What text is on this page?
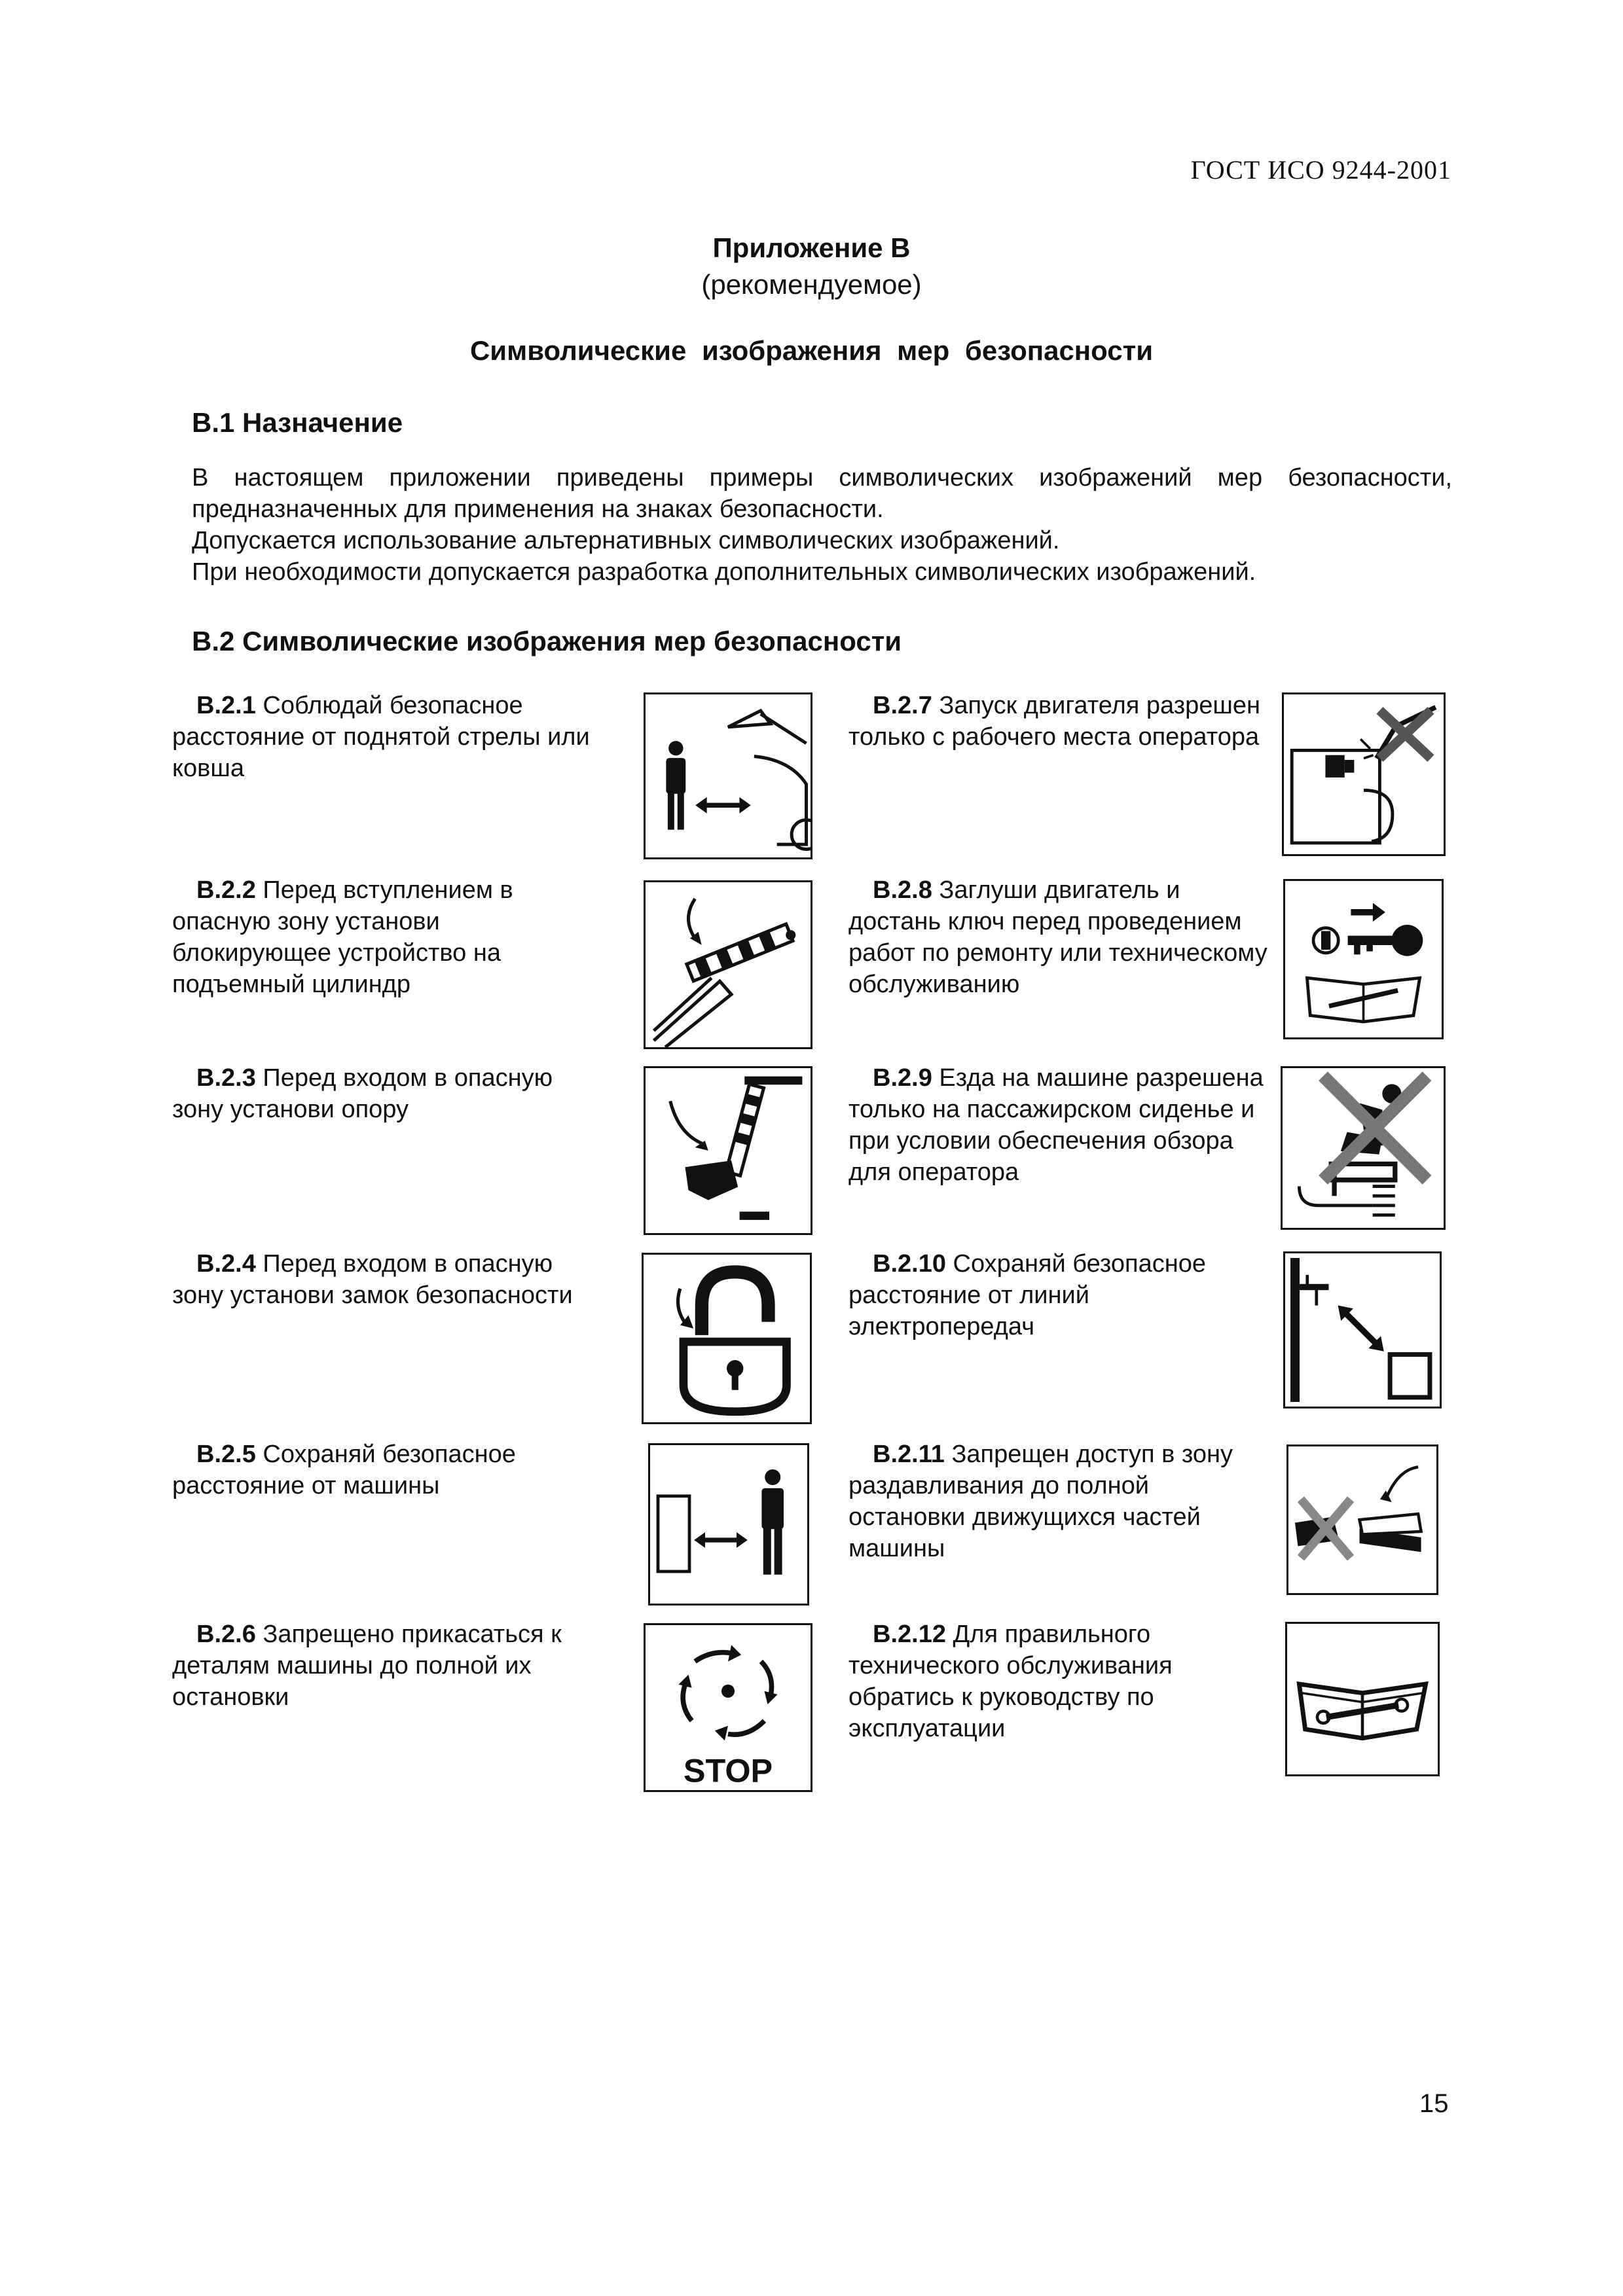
ГОСТ ИСО 9244-2001
Приложение В
(рекомендуемое)
Символические изображения мер безопасности
В.1 Назначение
В настоящем приложении приведены примеры символических изображений мер безопасности, предназначенных для применения на знаках безопасности.
Допускается использование альтернативных символических изображений.
При необходимости допускается разработка дополнительных символических изображений.
В.2 Символические изображения мер безопасности
В.2.1 Соблюдай безопасное расстояние от поднятой стрелы или ковша
В.2.2 Перед вступлением в опасную зону установи блокирующее устройство на подъемный цилиндр
В.2.3 Перед входом в опасную зону установи опору
В.2.4 Перед входом в опасную зону установи замок безопасности
В.2.5 Сохраняй безопасное расстояние от машины
В.2.6 Запрещено прикасаться к деталям машины до полной их остановки
STOP
В.2.7 Запуск двигателя разрешен только с рабочего места оператора
В.2.8 Заглуши двигатель и достань ключ перед проведением работ по ремонту или техническому обслуживанию
В.2.9 Езда на машине разрешена только на пассажирском сиденье и при условии обеспечения обзора для оператора
В.2.10 Сохраняй безопасное расстояние от линий электропередач
В.2.11 Запрещен доступ в зону раздавливания до полной остановки движущихся частей машины
В.2.12 Для правильного технического обслуживания обратись к руководству по эксплуатации
15
